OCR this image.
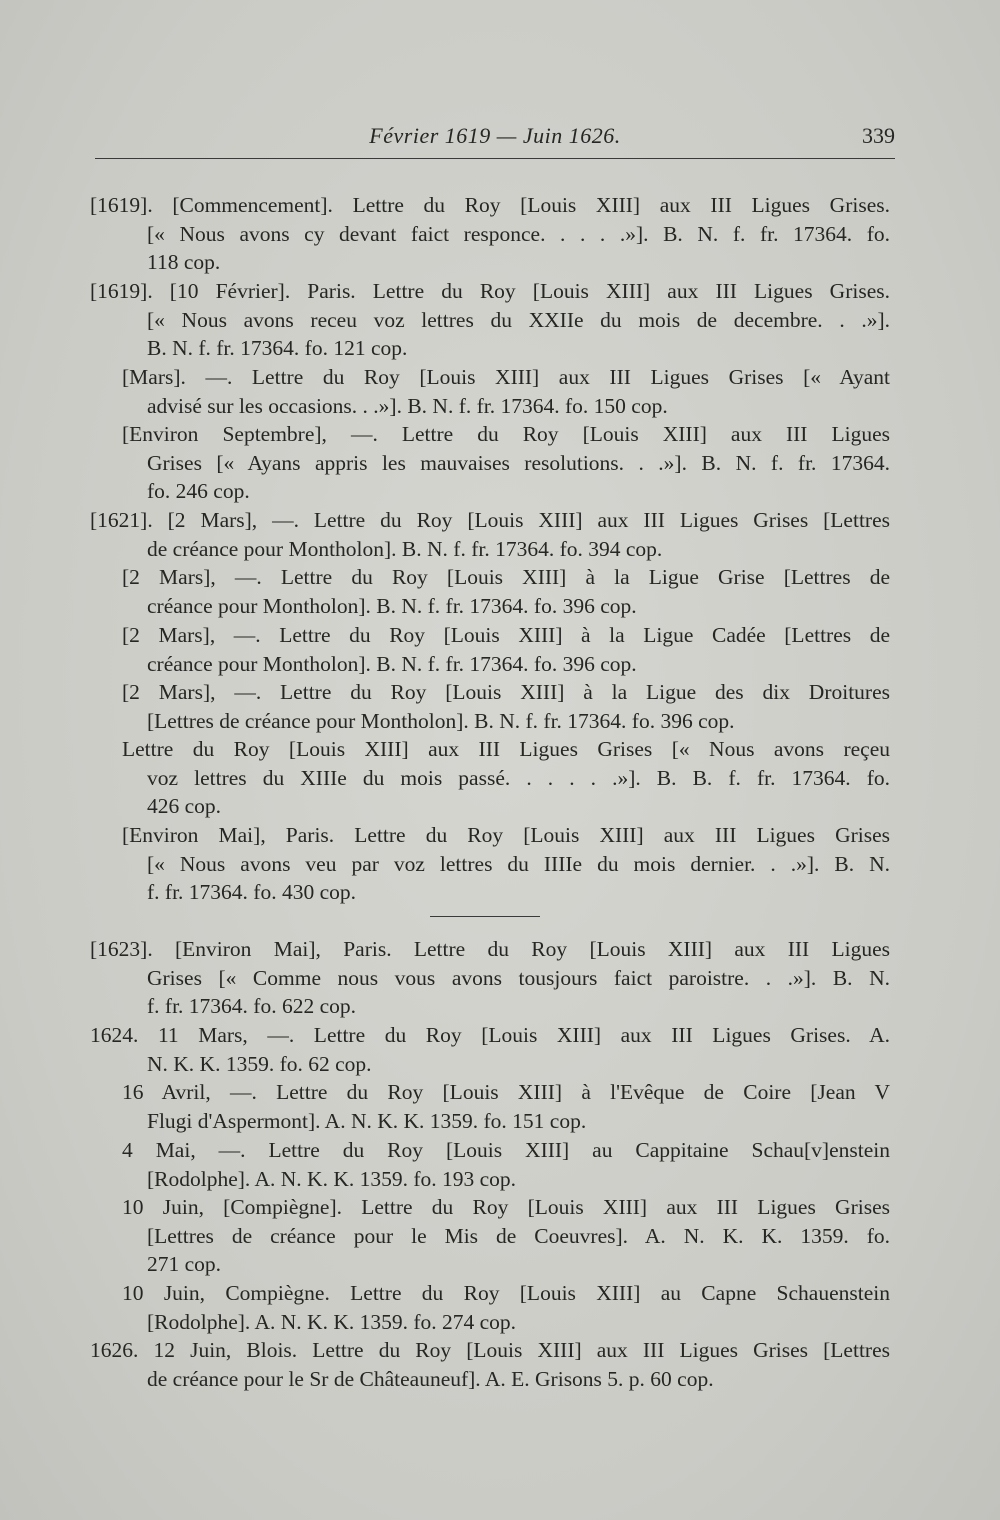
Février 1619 — Juin 1626.	339
[1619]. [Commencement]. Lettre du Roy [Louis XIII] aux III Ligues Grises.
[« Nous avons cy devant faict responce. . . . .»]. B. N. f. fr. 17364. fo.
118 cop.
[1619]. [10 Février]. Paris. Lettre du Roy [Louis XIII] aux III Ligues Grises.
[« Nous avons receu voz lettres du XXIIe du mois de decembre. . .»].
B. N. f. fr. 17364. fo. 121 cop.
[Mars]. —. Lettre du Roy [Louis XIII] aux III Ligues Grises [« Ayant
advisé sur les occasions. . .»]. B. N. f. fr. 17364. fo. 150 cop.
[Environ Septembre], —. Lettre du Roy [Louis XIII] aux III Ligues
Grises [« Ayans appris les mauvaises resolutions. . .»]. B. N. f. fr. 17364.
fo. 246 cop.
[1621]. [2 Mars], —. Lettre du Roy [Louis XIII] aux III Ligues Grises [Lettres
de créance pour Montholon]. B. N. f. fr. 17364. fo. 394 cop.
[2 Mars], —. Lettre du Roy [Louis XIII] à la Ligue Grise [Lettres de
créance pour Montholon]. B. N. f. fr. 17364. fo. 396 cop.
[2 Mars], —. Lettre du Roy [Louis XIII] à la Ligue Cadée [Lettres de
créance pour Montholon]. B. N. f. fr. 17364. fo. 396 cop.
[2 Mars], —. Lettre du Roy [Louis XIII] à la Ligue des dix Droitures
[Lettres de créance pour Montholon]. B. N. f. fr. 17364. fo. 396 cop.
Lettre du Roy [Louis XIII] aux III Ligues Grises [« Nous avons reçeu
voz lettres du XIIIe du mois passé. . . . . .»]. B. B. f. fr. 17364. fo.
426 cop.
[Environ Mai], Paris. Lettre du Roy [Louis XIII] aux III Ligues Grises
[« Nous avons veu par voz lettres du IIIIe du mois dernier. . .»]. B. N.
f. fr. 17364. fo. 430 cop.
[1623]. [Environ Mai], Paris. Lettre du Roy [Louis XIII] aux III Ligues
Grises [« Comme nous vous avons tousjours faict paroistre. . .»]. B. N.
f. fr. 17364. fo. 622 cop.
1624. 11 Mars, —. Lettre du Roy [Louis XIII] aux III Ligues Grises. A.
N. K. K. 1359. fo. 62 cop.
16 Avril, —. Lettre du Roy [Louis XIII] à l'Evêque de Coire [Jean V
Flugi d'Aspermont]. A. N. K. K. 1359. fo. 151 cop.
4 Mai, —. Lettre du Roy [Louis XIII] au Cappitaine Schau[v]enstein
[Rodolphe]. A. N. K. K. 1359. fo. 193 cop.
10 Juin, [Compiègne]. Lettre du Roy [Louis XIII] aux III Ligues Grises
[Lettres de créance pour le Mis de Coeuvres]. A. N. K. K. 1359. fo.
271 cop.
10 Juin, Compiègne. Lettre du Roy [Louis XIII] au Capne Schauenstein
[Rodolphe]. A. N. K. K. 1359. fo. 274 cop.
1626. 12 Juin, Blois. Lettre du Roy [Louis XIII] aux III Ligues Grises [Lettres
de créance pour le Sr de Châteauneuf]. A. E. Grisons 5. p. 60 cop.
